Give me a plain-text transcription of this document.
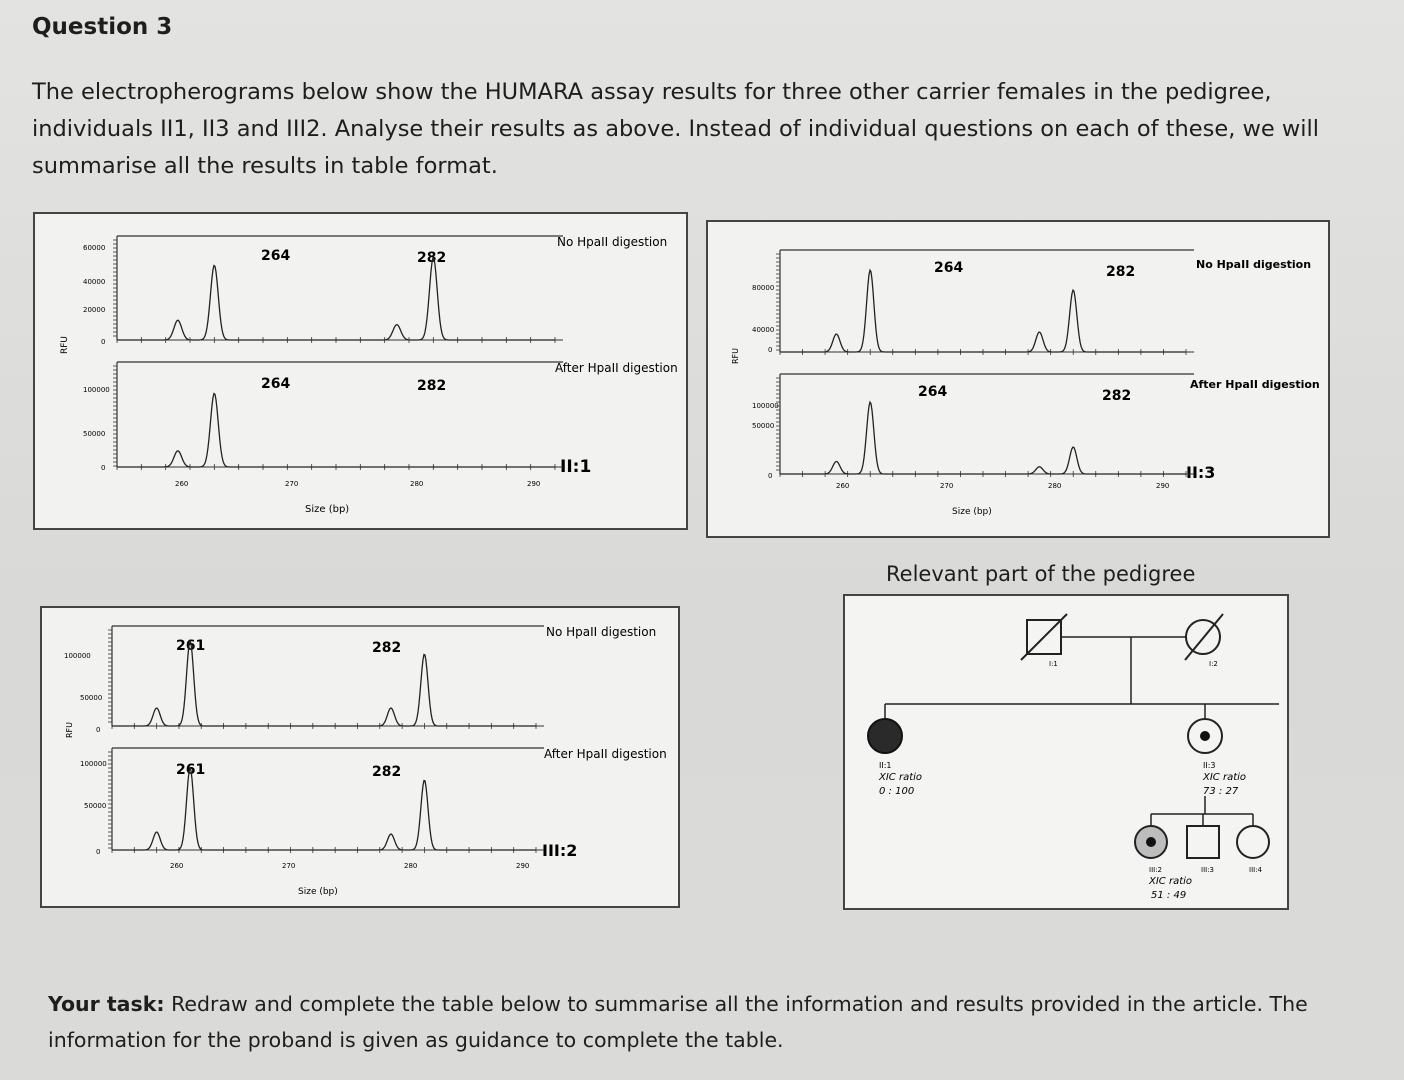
Question 3

The electropherograms below show the HUMARA assay results for three other carrier females in the pedigree, individuals II1, II3 and III2. Analyse their results as above. Instead of individual questions on each of these, we will summarise all the results in table format.

RFU
Size (bp)
No HpaII digestion
After HpaII digestion
II:1
264	282
264	282
60000
40000
20000
0
100000
50000
0
260	270	280	290
RFU
Size (bp)
No HpaII digestion
After HpaII digestion
II:3
264	282
264	282
80000
40000
0
100000
50000
0
260	270	280	290
RFU
Size (bp)
No HpaII digestion
After HpaII digestion
III:2
261	282
261	282
100000
50000
0
100000
50000
0
260	270	280	290
Relevant part of the pedigree
I:1	I:2
II:1
XIC ratio
0 : 100
II:3
XIC ratio
73 : 27
III:2
XIC ratio
51 : 49
III:3	III:4

Your task: Redraw and complete the table below to summarise all the information and results provided in the article. The information for the proband is given as guidance to complete the table.
